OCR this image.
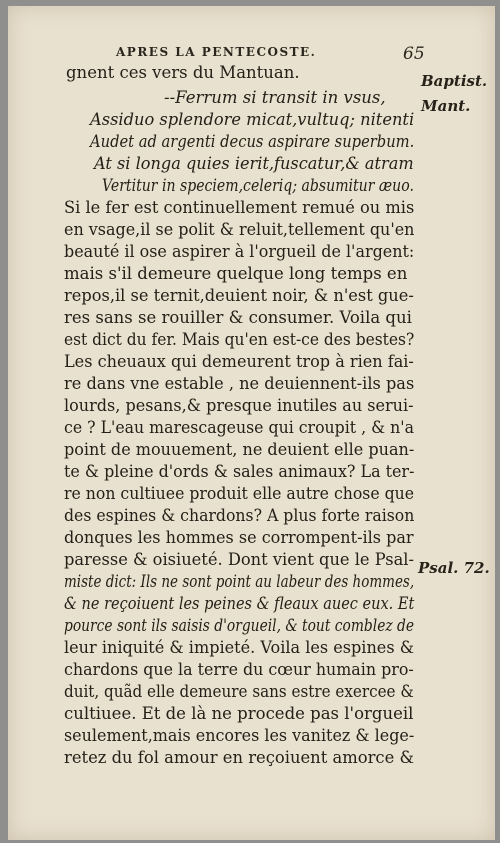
APRES LA PENTECOSTE.	65
Baptist.
Mant.
Psal. 72.
gnent ces vers du Mantuan.
--Ferrum si transit in vsus,
Assiduo splendore micat,vultuq; nitenti
Audet ad argenti decus aspirare superbum.
At si longa quies ierit,fuscatur,& atram
Vertitur in speciem,celeriq; absumitur æuo.
Si le fer est continuellement remué ou mis
en vsage,il se polit & reluit,tellement qu'en
beauté il ose aspirer à l'orgueil de l'argent:
mais s'il demeure quelque long temps en
repos,il se ternit,deuient noir, & n'est gue-
res sans se rouiller & consumer. Voila qui
est dict du fer. Mais qu'en est-ce des bestes?
Les cheuaux qui demeurent trop à rien fai-
re dans vne estable , ne deuiennent-ils pas
lourds, pesans,& presque inutiles au serui-
ce ? L'eau marescageuse qui croupit , & n'a
point de mouuement, ne deuient elle puan-
te & pleine d'ords & sales animaux? La ter-
re non cultiuee produit elle autre chose que
des espines & chardons? A plus forte raison
donques les hommes se corrompent-ils par
paresse & oisiueté. Dont vient que le Psal-
miste dict: Ils ne sont point au labeur des hommes,
& ne reçoiuent les peines & fleaux auec eux. Et
pource sont ils saisis d'orgueil, & tout comblez de
leur iniquité & impieté. Voila les espines &
chardons que la terre du cœur humain pro-
duit, quãd elle demeure sans estre exercee &
cultiuee. Et de là ne procede pas l'orgueil
seulement,mais encores les vanitez & lege-
retez du fol amour en reçoiuent amorce &
